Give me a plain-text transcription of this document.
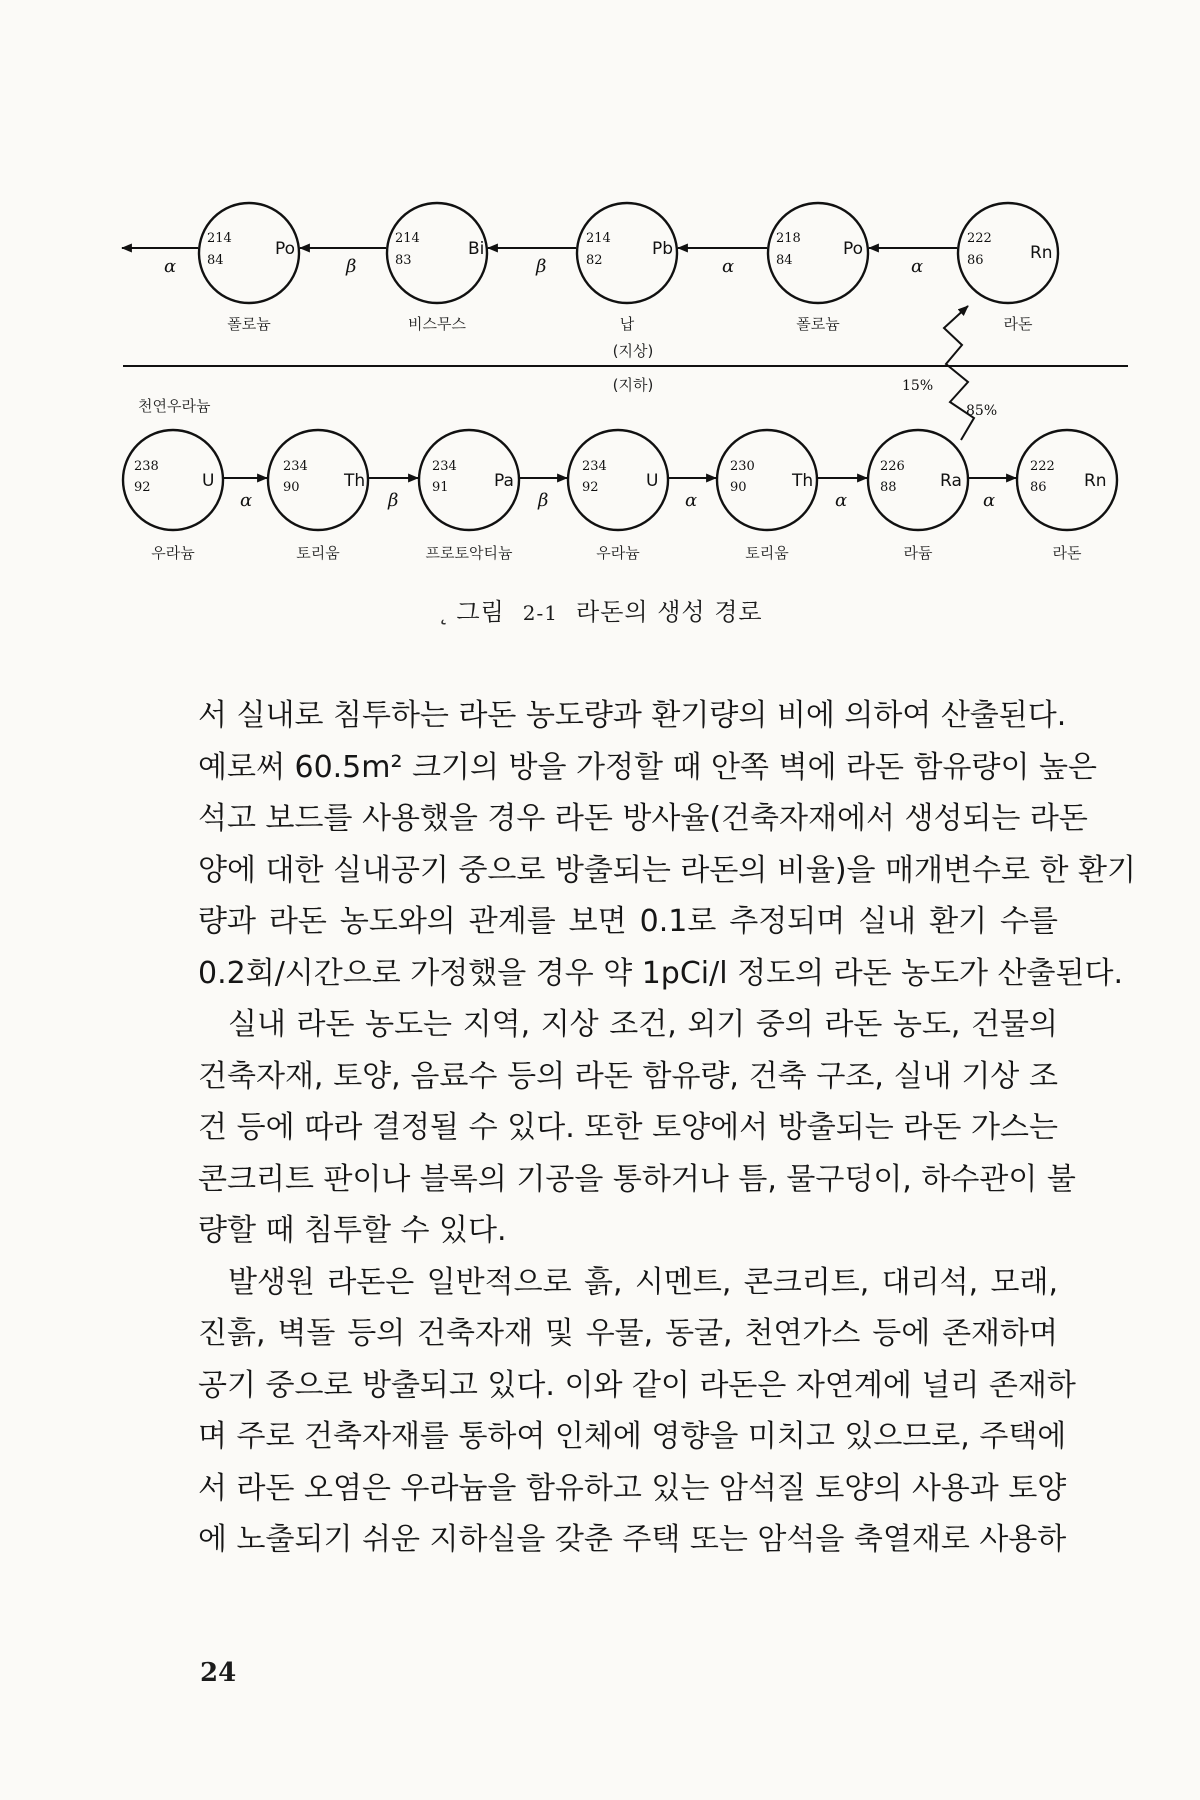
(지상)
(지하)
천연우라늄
214
84
Po
폴로늄
214
83
Bi
비스무스
214
82
Pb
납
218
84
Po
폴로늄
222
86	Rn
라돈
α	β	β	α	α
15%
85%
238
92	U
우라늄
234
90	Th
토리움
234
91	Pa
프로토악티늄
234
92	U
우라늄
230
90	Th
토리움
226
88	Ra
라듐
222
86 Rn
라돈
α	β	β	α	α	α
˛ 그림 2-1 라돈의 생성 경로
서 실내로 침투하는 라돈 농도량과 환기량의 비에 의하여 산출된다.
예로써 60.5m² 크기의 방을 가정할 때 안쪽 벽에 라돈 함유량이 높은
석고 보드를 사용했을 경우 라돈 방사율(건축자재에서 생성되는 라돈
양에 대한 실내공기 중으로 방출되는 라돈의 비율)을 매개변수로 한 환기
량과 라돈 농도와의 관계를 보면 0.1로 추정되며 실내 환기 수를
0.2회/시간으로 가정했을 경우 약 1pCi/l 정도의 라돈 농도가 산출된다.
실내 라돈 농도는 지역, 지상 조건, 외기 중의 라돈 농도, 건물의
건축자재, 토양, 음료수 등의 라돈 함유량, 건축 구조, 실내 기상 조
건 등에 따라 결정될 수 있다. 또한 토양에서 방출되는 라돈 가스는
콘크리트 판이나 블록의 기공을 통하거나 틈, 물구덩이, 하수관이 불
량할 때 침투할 수 있다.
발생원 라돈은 일반적으로 흙, 시멘트, 콘크리트, 대리석, 모래,
진흙, 벽돌 등의 건축자재 및 우물, 동굴, 천연가스 등에 존재하며
공기 중으로 방출되고 있다. 이와 같이 라돈은 자연계에 널리 존재하
며 주로 건축자재를 통하여 인체에 영향을 미치고 있으므로, 주택에
서 라돈 오염은 우라늄을 함유하고 있는 암석질 토양의 사용과 토양
에 노출되기 쉬운 지하실을 갖춘 주택 또는 암석을 축열재로 사용하
24
